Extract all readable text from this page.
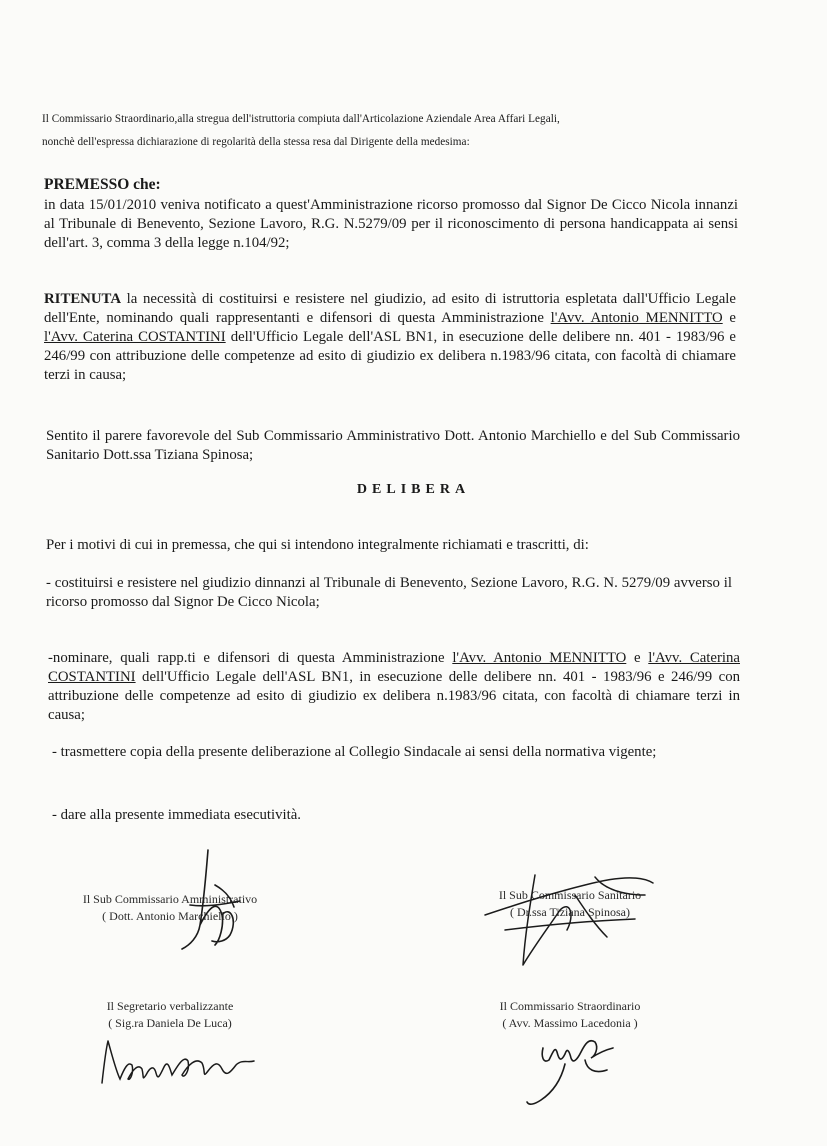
Il Commissario Straordinario,alla stregua dell'istruttoria compiuta dall'Articolazione Aziendale Area Affari Legali,
nonchè dell'espressa dichiarazione di regolarità della stessa resa dal Dirigente della medesima:
PREMESSO che:
in data 15/01/2010 veniva notificato a quest'Amministrazione ricorso promosso dal Signor De Cicco Nicola innanzi al Tribunale di Benevento, Sezione Lavoro, R.G. N.5279/09 per il riconoscimento di persona handicappata ai sensi dell'art. 3, comma 3 della legge n.104/92;
RITENUTA la necessità di costituirsi e resistere nel giudizio, ad esito di istruttoria espletata dall'Ufficio Legale dell'Ente, nominando quali rappresentanti e difensori di questa Amministrazione l'Avv. Antonio MENNITTO e l'Avv. Caterina COSTANTINI dell'Ufficio Legale dell'ASL BN1, in esecuzione delle delibere nn. 401 - 1983/96 e 246/99 con attribuzione delle competenze ad esito di giudizio ex delibera n.1983/96 citata, con facoltà di chiamare terzi in causa;
Sentito il parere favorevole del Sub Commissario Amministrativo Dott. Antonio Marchiello e del Sub Commissario Sanitario Dott.ssa Tiziana Spinosa;
DELIBERA
Per i motivi di cui in premessa, che qui si intendono integralmente richiamati e trascritti, di:
- costituirsi e resistere nel giudizio dinnanzi al Tribunale di Benevento, Sezione Lavoro, R.G. N. 5279/09 avverso il ricorso promosso dal Signor De Cicco Nicola;
-nominare, quali rapp.ti e difensori di questa Amministrazione l'Avv. Antonio MENNITTO e l'Avv. Caterina COSTANTINI dell'Ufficio Legale dell'ASL BN1, in esecuzione delle delibere nn. 401 - 1983/96 e 246/99 con attribuzione delle competenze ad esito di giudizio ex delibera n.1983/96 citata, con facoltà di chiamare terzi in causa;
- trasmettere copia della presente deliberazione al Collegio Sindacale ai sensi della normativa vigente;
- dare alla presente immediata esecutività.
Il Sub Commissario Amministrativo
( Dott. Antonio Marchiello )
Il Sub Commissario Sanitario
( Dr.ssa Tiziana Spinosa)
Il Segretario verbalizzante
( Sig.ra Daniela De Luca)
Il Commissario Straordinario
( Avv. Massimo Lacedonia )
